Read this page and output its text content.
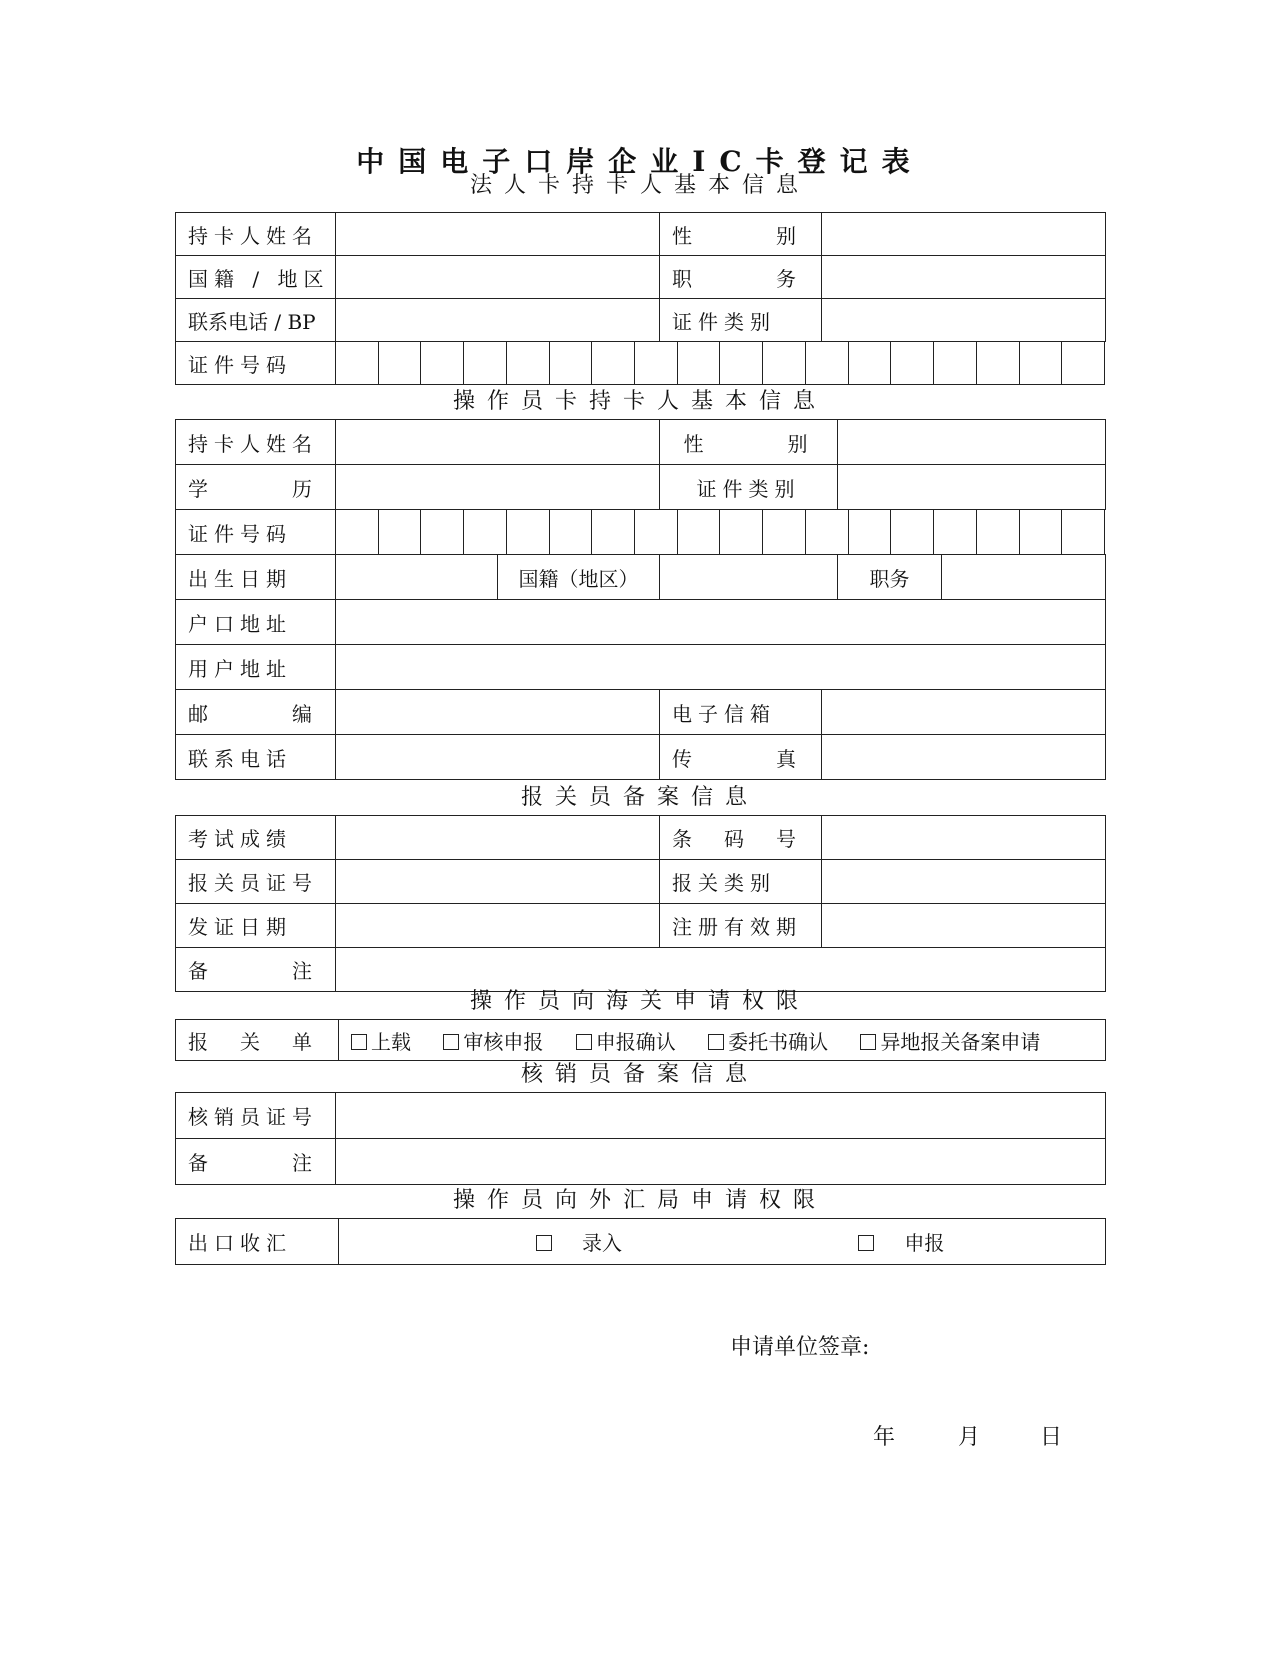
中国电子口岸企业IC卡登记表
法人卡持卡人基本信息
持卡人姓名		性　　　别	
国籍 / 地区		职　　　务	
联系电话 / BP		证件类别	
证件号码																		
操作员卡持卡人基本信息
持卡人姓名		性　　　别	
学　　　历		证件类别	
证件号码																		
出生日期		国籍（地区）		职务	
户口地址			
用户地址			
邮　　　编		电子信箱	
联系电话		传　　　真	
报关员备案信息
考试成绩		条　码　号	
报关员证号		报关类别	
发证日期		注册有效期	
备　　　注			
操作员向海关申请权限
报　关　单	上载	审核申报	申报确认	委托书确认	异地报关备案申请
核销员备案信息
核销员证号	
备　　　注	
操作员向外汇局申请权限
出口收汇	录入	申报
申请单位签章:
年	月	日
